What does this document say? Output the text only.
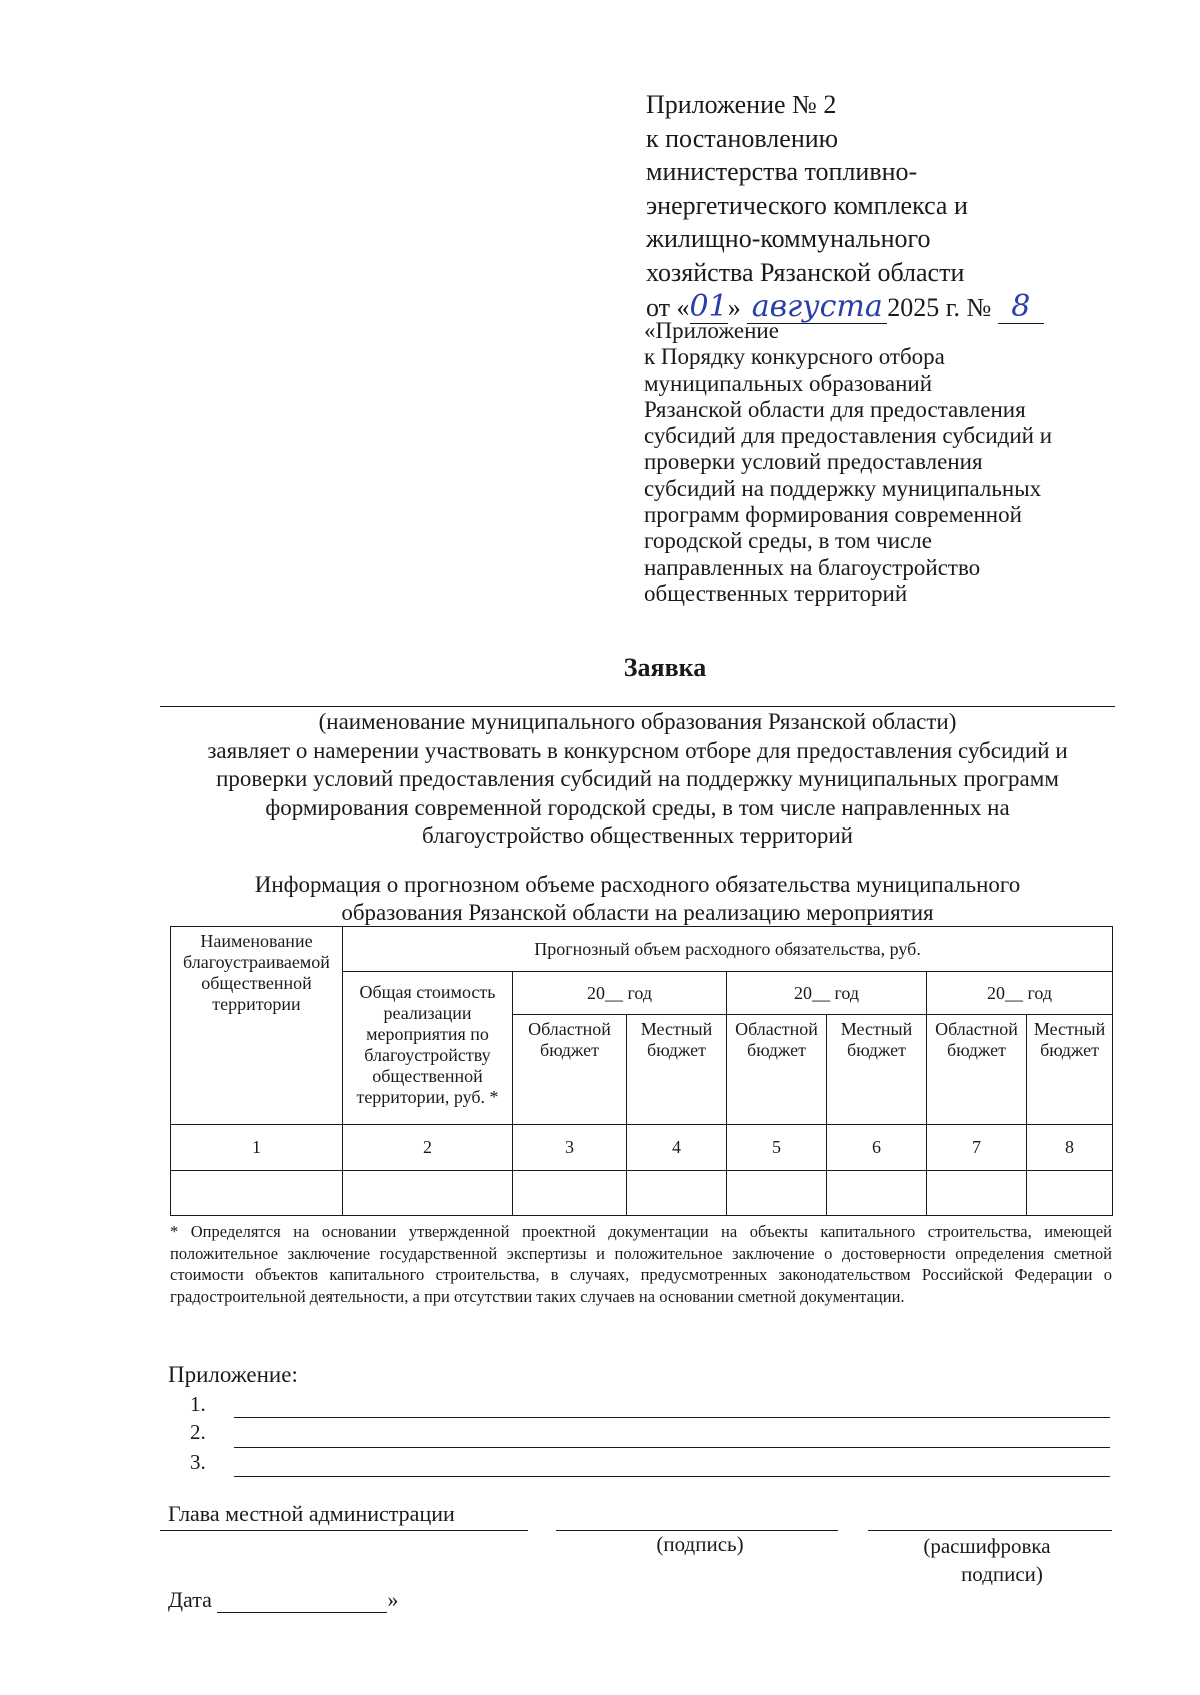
Приложение № 2
к постановлению
министерства топливно-
энергетического комплекса и
жилищно-коммунального
хозяйства Рязанской области
от «01» августа 2025 г. № 8
«Приложение
к Порядку конкурсного отбора
муниципальных образований
Рязанской области для предоставления
субсидий для предоставления субсидий и
проверки условий предоставления
субсидий на поддержку муниципальных
программ формирования современной
городской среды, в том числе
направленных на благоустройство
общественных территорий
Заявка
(наименование муниципального образования Рязанской области)
заявляет о намерении участвовать в конкурсном отборе для предоставления субсидий и
проверки условий предоставления субсидий на поддержку муниципальных программ
формирования современной городской среды, в том числе направленных на
благоустройство общественных территорий
Информация о прогнозном объеме расходного обязательства муниципального
образования Рязанской области на реализацию мероприятия
Наименование благоустраиваемой общественной территории	Прогнозный объем расходного обязательства, руб.						
	Общая стоимость реализации мероприятия по благоустройству общественной территории, руб. *	20__ год		20__ год		20__ год	
		Областной бюджет	Местный бюджет	Областной бюджет	Местный бюджет	Областной бюджет	Местный бюджет
1	2	3	4	5	6	7	8

* Определятся на основании утвержденной проектной документации на объекты капитального строительства, имеющей положительное заключение государственной экспертизы и положительное заключение о достоверности определения сметной стоимости объектов капитального строительства, в случаях, предусмотренных законодательством Российской Федерации о градостроительной деятельности, а при отсутствии таких случаев на основании сметной документации.
Приложение:
1.
2.
3.
Глава местной администрации
(подпись)	(расшифровка
подписи)
Дата	»
